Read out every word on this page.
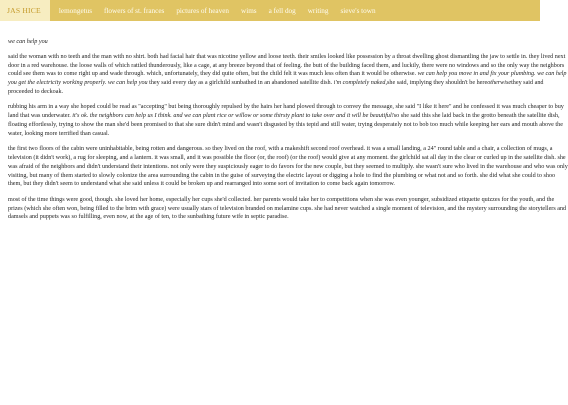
JAS HICE	lemongetus	flowers of st. frances	pictures of heaven	wims	a fell dog	writing	sieve's town
we can help you

said the woman with no teeth and the man with no shirt. both had facial hair that was nicotine yellow and loose teeth. their smiles looked like possession by a throat dwelling ghost dismantling the jaw to settle in. they lived next door in a red warehouse. the loose walls of which rattled thunderously, like a cage, at any breeze beyond that of feeling. the butt of the building faced them, and luckily, there were no windows and so the only way the neighbors could see them was to come right up and wade through. which, unfortunately, they did quite often, but the child felt it was much less often than it would be otherwise. we can help you move in and fix your plumbing. we can help you get the electricity working properly. we can help you they said every day as a girlchild sunbathed in an abandoned satellite dish. i'm completely naked,she said, implying they shouldn't be hereotherwisethey said and proceeded to deckoak.

rubbing his arm in a way she hoped could be read as "accepting" but being thoroughly repulsed by the hairs her hand plowed through to convey the message, she said "I like it here" and he confessed it was much cheaper to buy land that was underwater. it's ok. the neighbors can help us I think. and we can plant rice or willow or some thirsty plant to take over and it will be beautiful!so she said this she laid back in the grotto beneath the satellite dish, floating effortlessly, trying to show the man she'd been promised to that she sure didn't mind and wasn't disgusted by this tepid and still water, trying desperately not to bob too much while keeping her ears and mouth above the water, looking more terrified than casual.

the first two floors of the cabin were uninhabitable, being rotten and dangerous. so they lived on the roof, with a makeshift second roof overhead. it was a small landing, a 24" round table and a chair, a collection of mugs, a television (it didn't work), a rug for sleeping, and a lantern. it was small, and it was possible the floor (or, the roof) (or the roof) would give at any moment. the girlchild sat all day in the clear or curled up in the satellite dish. she was afraid of the neighbors and didn't understand their intentions. not only were they suspiciously eager to do favors for the new couple, but they seemed to multiply. she wasn't sure who lived in the warehouse and who was only visiting, but many of them started to slowly colonize the area surrounding the cabin in the guise of surveying the electric layout or digging a hole to find the plumbing or what not and so forth. she did what she could to shoo them, but they didn't seem to understand what she said unless it could be broken up and rearranged into some sort of invitation to come back again tomorrow.

most of the time things were good, though. she loved her home, especially her cups she'd collected. her parents would take her to competitions when she was even younger, subsidized etiquette quizzes for the youth, and the prizes (which she often won, being filled to the brim with grace) were usually stars of television branded on melamine cups. she had never watched a single moment of television, and the mystery surrounding the storytellers and damsels and puppets was so fulfilling, even now, at the age of ten, to the sunbathing future wife in septic paradise.
